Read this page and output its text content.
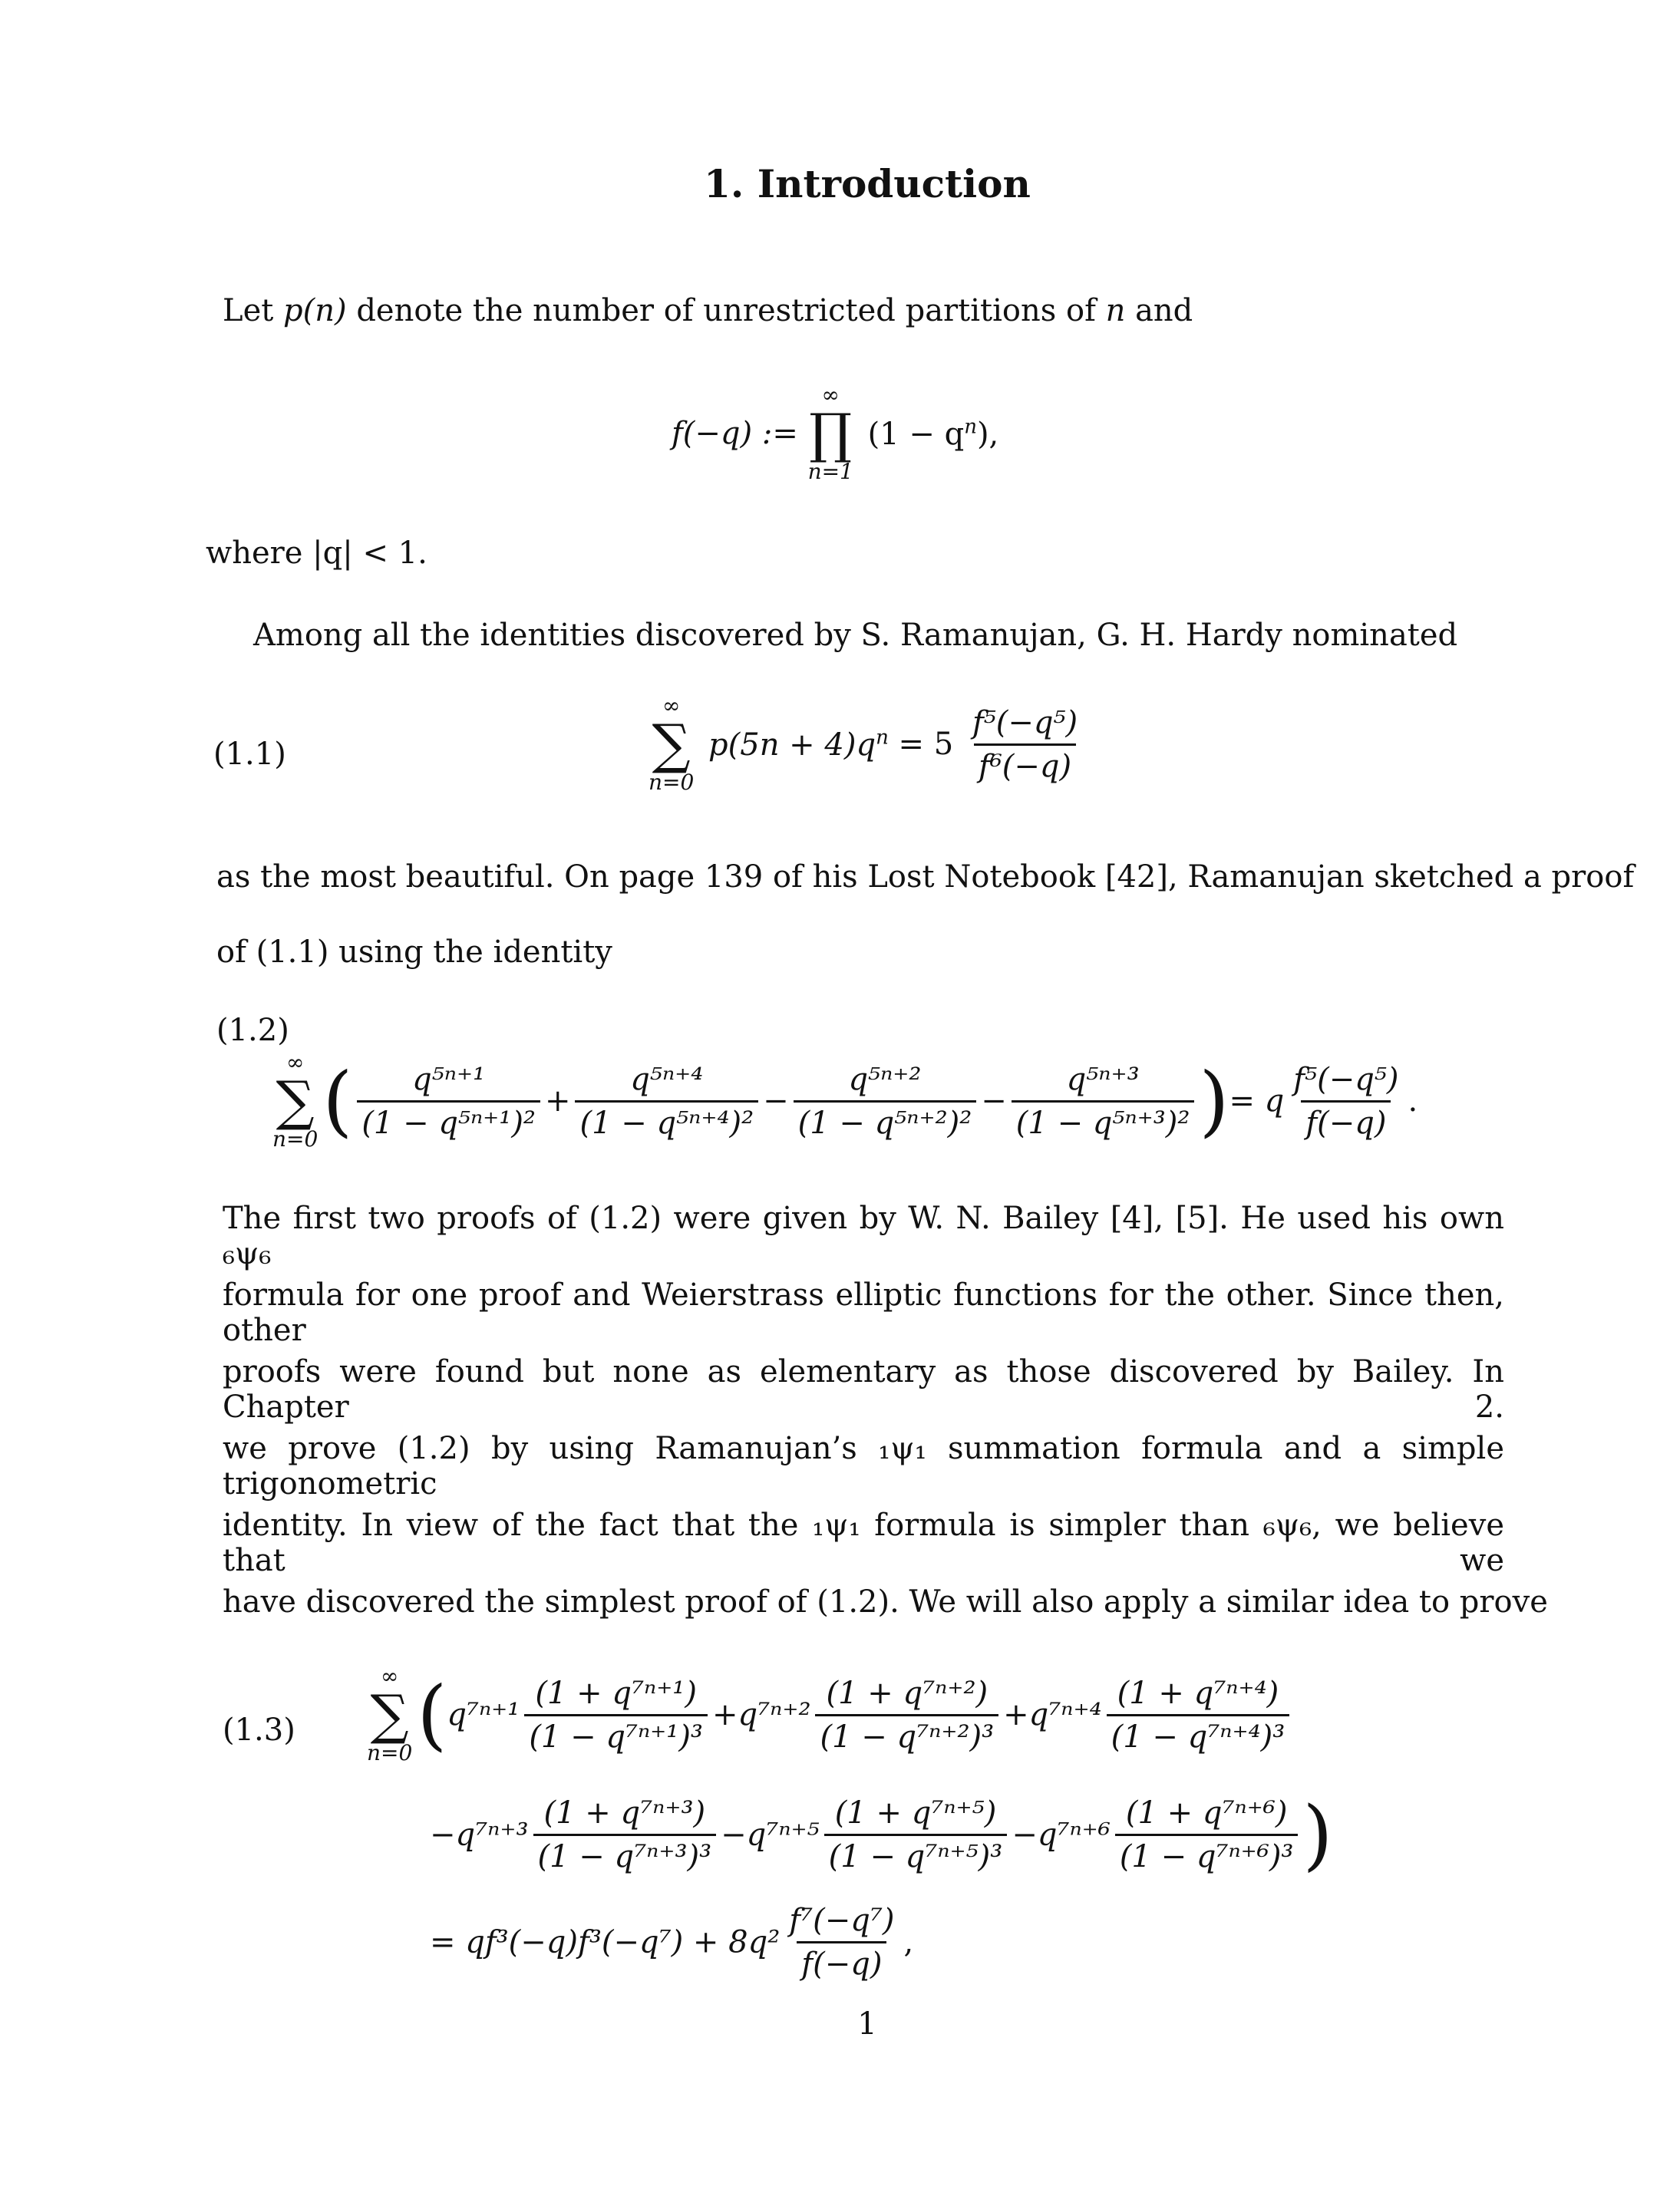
1. Introduction
Let p(n) denote the number of unrestricted partitions of n and
f(−q) :=
∞
∏
n=1
$(1 - q^n)$,
where |q| < 1.
Among all the identities discovered by S. Ramanujan, G. H. Hardy nominated
(1.1)
∞
∑
n=0
$p(5n + 4)q^n = 5 \frac{\text{f⁵(−q⁵)}}{\text{f⁶(−q)}}$
as the most beautiful. On page 139 of his Lost Notebook [42], Ramanujan sketched a proof
of (1.1) using the identity
(1.2)
∞
∑
n=0 ( $\frac{\text{q⁵ⁿ⁺¹}}{\text{(1 − q⁵ⁿ⁺¹)²}} + \frac{\text{q⁵ⁿ⁺⁴}}{\text{(1 − q⁵ⁿ⁺⁴)²}} - \frac{\text{q⁵ⁿ⁺²}}{\text{(1 − q⁵ⁿ⁺²)²}} - \frac{\text{q⁵ⁿ⁺³}}{\text{(1 − q⁵ⁿ⁺³)²}}$ )= q $\frac{\text{f⁵(−q⁵)}}{f(-q)}$ .
The first two proofs of (1.2) were given by W. N. Bailey [4], [5]. He used his own ₆ψ₆
formula for one proof and Weierstrass elliptic functions for the other. Since then, other
proofs were found but none as elementary as those discovered by Bailey. In Chapter 2.
we prove (1.2) by using Ramanujan’s ₁ψ₁ summation formula and a simple trigonometric
identity. In view of the fact that the ₁ψ₁ formula is simpler than ₆ψ₆, we believe that we
have discovered the simplest proof of (1.2). We will also apply a similar idea to prove
(1.3)
∞
∑
n=0 ($q^{7n+1} \frac{\text{(1 + q⁷ⁿ⁺¹)}}{\text{(1 − q⁷ⁿ⁺¹)³}} +q^{7n+2} \frac{\text{(1 + q⁷ⁿ⁺²)}}{\text{(1 − q⁷ⁿ⁺²)³}} +q^{7n+4} \frac{\text{(1 + q⁷ⁿ⁺⁴)}}{\text{(1 − q⁷ⁿ⁺⁴)³}}$
$-q^{7n+3} \frac{\text{(1 + q⁷ⁿ⁺³)}}{\text{(1 − q⁷ⁿ⁺³)³}} -q^{7n+5} \frac{\text{(1 + q⁷ⁿ⁺⁵)}}{\text{(1 − q⁷ⁿ⁺⁵)³}} -q^{7n+6} \frac{\text{(1 + q⁷ⁿ⁺⁶)}}{\text{(1 − q⁷ⁿ⁺⁶)³}}$ )
= $qf^3(-q)f^3(-q^7) + 8q^2 \frac{\text{f⁷(−q⁷)}}{f(-q)}$ ,
1
